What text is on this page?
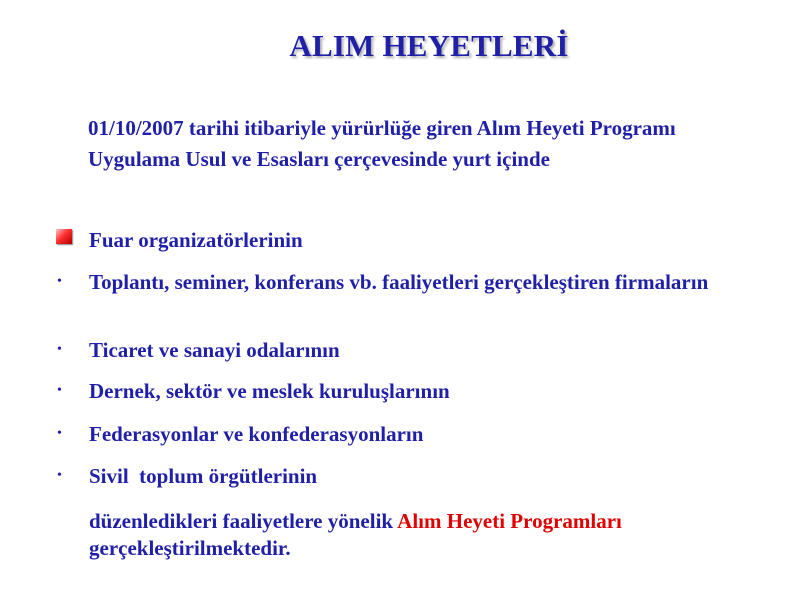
ALIM HEYETLERİ
01/10/2007 tarihi itibariyle yürürlüğe giren Alım Heyeti Programı Uygulama Usul ve Esasları çerçevesinde yurt içinde
Fuar organizatörlerinin
• Toplantı, seminer, konferans vb. faaliyetleri gerçekleştiren firmaların
• Ticaret ve sanayi odalarının
• Dernek, sektör ve meslek kuruluşlarının
• Federasyonlar ve konfederasyonların
• Sivil  toplum örgütlerinin
düzenledikleri faaliyetlere yönelik Alım Heyeti Programları gerçekleştirilmektedir.
